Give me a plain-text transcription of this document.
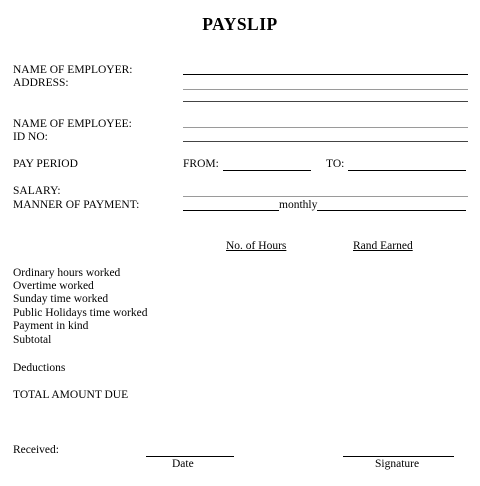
PAYSLIP
NAME OF EMPLOYER:
ADDRESS:
NAME OF EMPLOYEE:
ID NO:
PAY PERIOD	FROM:	TO:
SALARY:
MANNER OF PAYMENT:	monthly
No. of Hours	Rand Earned
Ordinary hours worked
Overtime worked
Sunday time worked
Public Holidays time worked
Payment in kind
Subtotal
Deductions
TOTAL AMOUNT DUE
Received:
Date	Signature
